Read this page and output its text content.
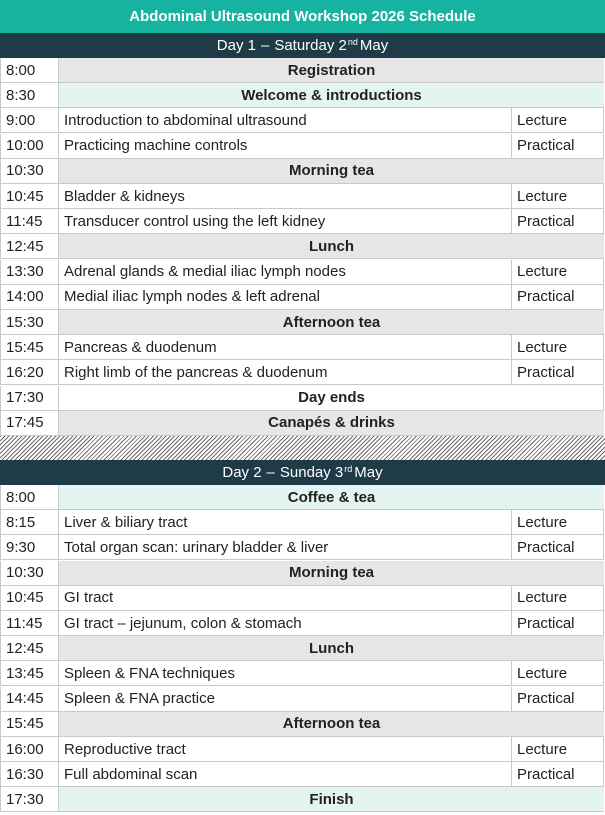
Abdominal Ultrasound Workshop 2026 Schedule
Day 1 – Saturday 2nd May
8:00	Registration
8:30	Welcome & introductions
9:00	Introduction to abdominal ultrasound	Lecture
10:00	Practicing machine controls	Practical
10:30	Morning tea
10:45	Bladder & kidneys	Lecture
11:45	Transducer control using the left kidney	Practical
12:45	Lunch
13:30	Adrenal glands & medial iliac lymph nodes	Lecture
14:00	Medial iliac lymph nodes & left adrenal	Practical
15:30	Afternoon tea
15:45	Pancreas & duodenum	Lecture
16:20	Right limb of the pancreas & duodenum	Practical
17:30	Day ends
17:45	Canapés & drinks
Day 2 – Sunday 3rd May
8:00	Coffee & tea
8:15	Liver & biliary tract	Lecture
9:30	Total organ scan: urinary bladder & liver	Practical
10:30	Morning tea
10:45	GI tract	Lecture
11:45	GI tract – jejunum, colon & stomach	Practical
12:45	Lunch
13:45	Spleen & FNA techniques	Lecture
14:45	Spleen & FNA practice	Practical
15:45	Afternoon tea
16:00	Reproductive tract	Lecture
16:30	Full abdominal scan	Practical
17:30	Finish
